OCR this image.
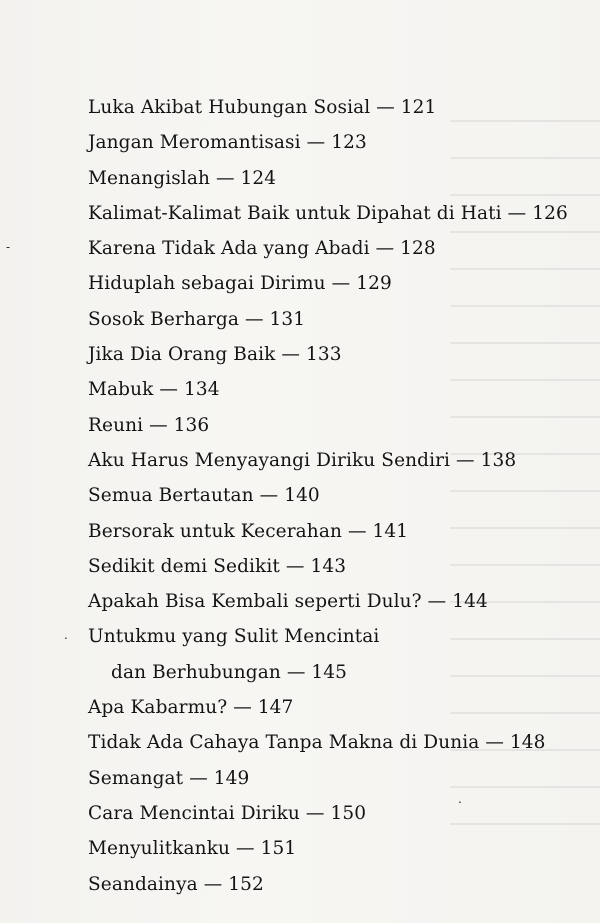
-
.
.
Luka Akibat Hubungan Sosial — 121
Jangan Meromantisasi — 123
Menangislah — 124
Kalimat-Kalimat Baik untuk Dipahat di Hati — 126
Karena Tidak Ada yang Abadi — 128
Hiduplah sebagai Dirimu — 129
Sosok Berharga — 131
Jika Dia Orang Baik — 133
Mabuk — 134
Reuni — 136
Aku Harus Menyayangi Diriku Sendiri — 138
Semua Bertautan — 140
Bersorak untuk Kecerahan — 141
Sedikit demi Sedikit — 143
Apakah Bisa Kembali seperti Dulu? — 144
Untukmu yang Sulit Mencintai
dan Berhubungan — 145
Apa Kabarmu? — 147
Tidak Ada Cahaya Tanpa Makna di Dunia — 148
Semangat — 149
Cara Mencintai Diriku — 150
Menyulitkanku — 151
Seandainya — 152
